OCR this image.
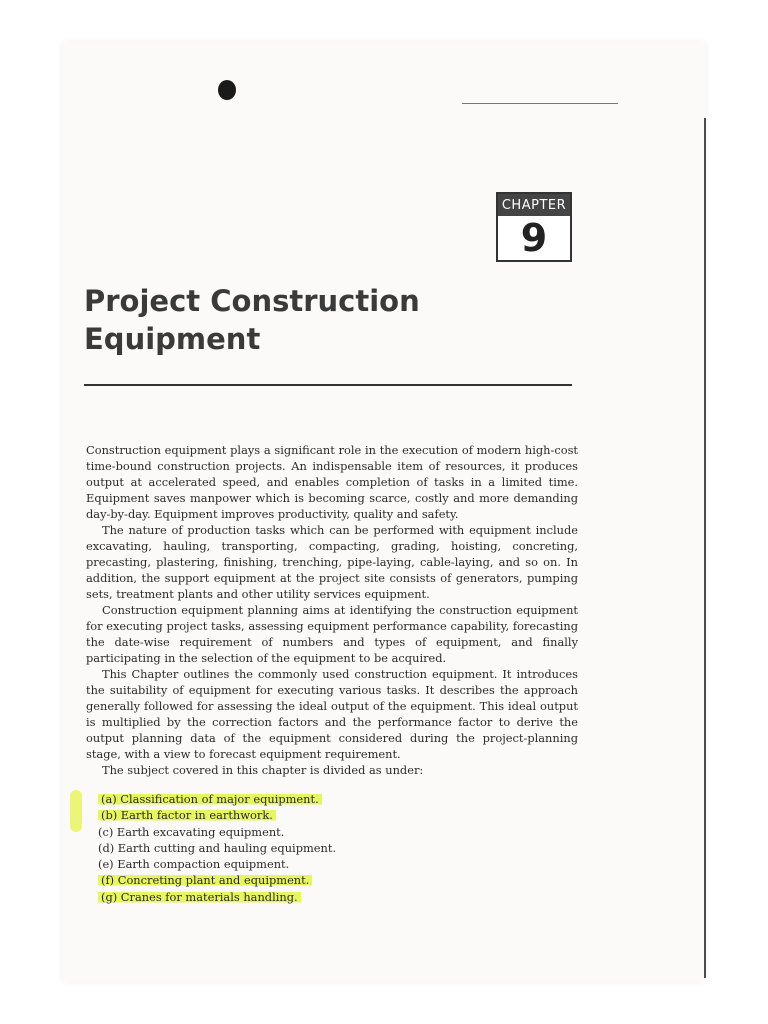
CHAPTER
9
Project Construction
Equipment

Construction equipment plays a significant role in the execution of modern high-cost time-bound construction projects. An indispensable item of resources, it produces output at accelerated speed, and enables completion of tasks in a limited time. Equipment saves manpower which is becoming scarce, costly and more demanding day-by-day. Equipment improves productivity, quality and safety.

The nature of production tasks which can be performed with equipment include excavating, hauling, transporting, compacting, grading, hoisting, concreting, precasting, plastering, finishing, trenching, pipe-laying, cable-laying, and so on. In addition, the support equipment at the project site consists of generators, pumping sets, treatment plants and other utility services equipment.

Construction equipment planning aims at identifying the construction equipment for executing project tasks, assessing equipment performance capability, forecasting the date-wise requirement of numbers and types of equipment, and finally participating in the selection of the equipment to be acquired.

This Chapter outlines the commonly used construction equipment. It introduces the suitability of equipment for executing various tasks. It describes the approach generally followed for assessing the ideal output of the equipment. This ideal output is multiplied by the correction factors and the performance factor to derive the output planning data of the equipment considered during the project-planning stage, with a view to forecast equipment requirement.

The subject covered in this chapter is divided as under:

(a) Classification of major equipment.
(b) Earth factor in earthwork.
(c) Earth excavating equipment.
(d) Earth cutting and hauling equipment.
(e) Earth compaction equipment.
(f) Concreting plant and equipment.
(g) Cranes for materials handling.
